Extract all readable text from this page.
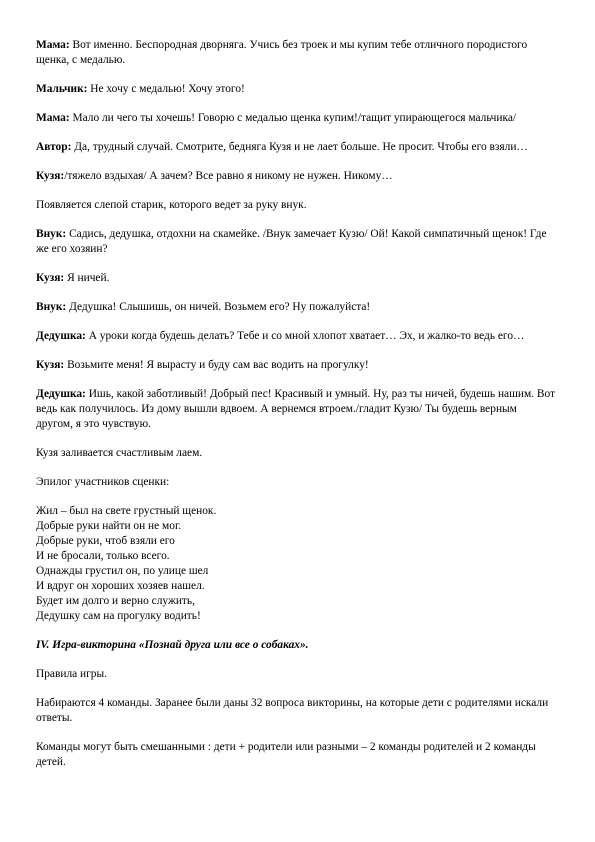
Мама: Вот именно. Беспородная дворняга. Учись без троек и мы купим тебе отличного породистого щенка, с медалью.

Мальчик: Не хочу с медалью! Хочу этого!

Мама: Мало ли чего ты хочешь! Говорю с медалью щенка купим!/тащит упирающегося мальчика/

Автор: Да, трудный случай. Смотрите, бедняга Кузя и не лает больше. Не просит. Чтобы его взяли…

Кузя:/тяжело вздыхая/ А зачем? Все равно я никому не нужен. Никому…

Появляется слепой старик, которого ведет за руку внук.

Внук: Садись, дедушка, отдохни на скамейке. /Внук замечает Кузю/ Ой! Какой симпатичный щенок! Где же его хозяин?

Кузя: Я ничей.

Внук: Дедушка! Слышишь, он ничей. Возьмем его? Ну пожалуйста!

Дедушка: А уроки когда будешь делать? Тебе и со мной хлопот хватает… Эх, и жалко-то ведь его…

Кузя: Возьмите меня! Я вырасту и буду сам вас водить на прогулку!

Дедушка: Ишь, какой заботливый! Добрый пес! Красивый и умный. Ну, раз ты ничей, будешь нашим. Вот ведь как получилось. Из дому вышли вдвоем. А вернемся втроем./гладит Кузю/ Ты будешь верным другом, я это чувствую.

Кузя заливается счастливым лаем.

Эпилог участников сценки:

Жил – был на свете грустный щенок.
Добрые руки найти он не мог.
Добрые руки, чтоб взяли его
И не бросали, только всего.
Однажды грустил он, по улице шел
И вдруг он хороших хозяев нашел.
Будет им долго и верно служить,
Дедушку сам на прогулку водить!

IV. Игра-викторина «Познай друга или все о собаках».

Правила игры.

Набираются 4 команды. Заранее были даны 32 вопроса викторины, на которые дети с родителями искали ответы.

Команды могут быть смешанными : дети + родители или разными – 2 команды родителей и 2 команды детей.
